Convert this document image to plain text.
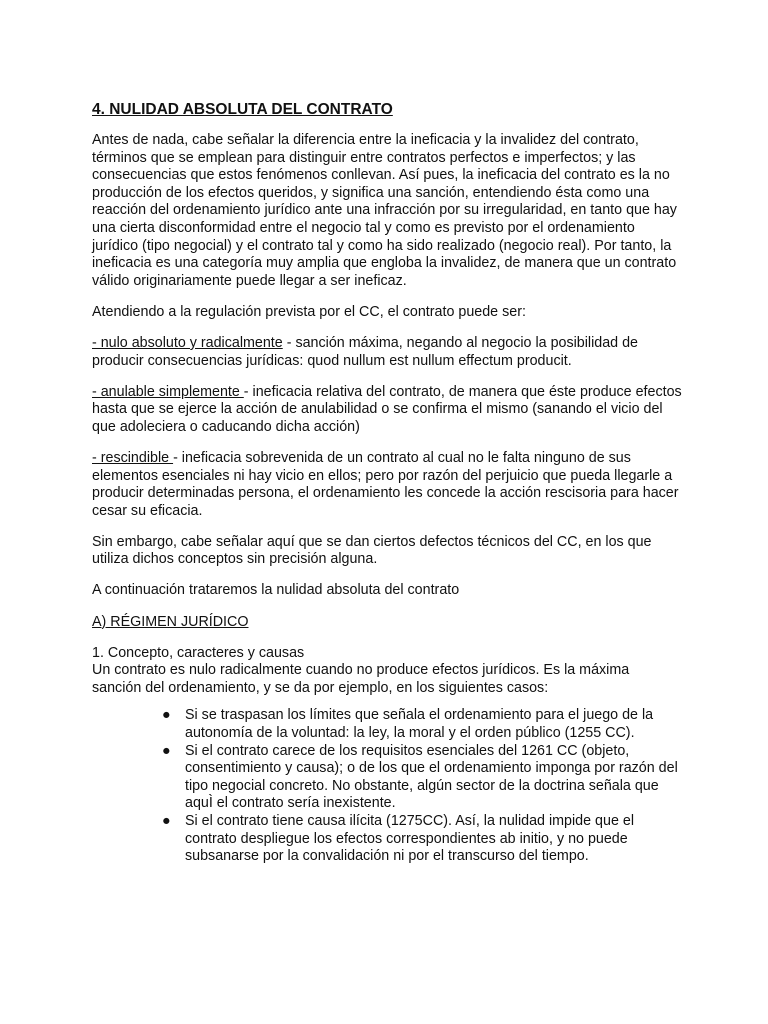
4. NULIDAD ABSOLUTA DEL CONTRATO

Antes de nada, cabe señalar la diferencia entre la ineficacia y la invalidez del contrato, términos que se emplean para distinguir entre contratos perfectos e imperfectos; y las consecuencias que estos fenómenos conllevan. Así pues, la ineficacia del contrato es la no producción de los efectos queridos, y significa una sanción, entendiendo ésta como una reacción del ordenamiento jurídico ante una infracción por su irregularidad, en tanto que hay una cierta disconformidad entre el negocio tal y como es previsto por el ordenamiento jurídico (tipo negocial) y el contrato tal y como ha sido realizado (negocio real). Por tanto, la ineficacia es una categoría muy amplia que engloba la invalidez, de manera que un contrato válido originariamente puede llegar a ser ineficaz.

Atendiendo a la regulación prevista por el CC, el contrato puede ser:

- nulo absoluto y radicalmente - sanción máxima, negando al negocio la posibilidad de producir consecuencias jurídicas: quod nullum est nullum effectum producit.

- anulable simplemente - ineficacia relativa del contrato, de manera que éste produce efectos hasta que se ejerce la acción de anulabilidad o se confirma el mismo (sanando el vicio del que adoleciera o caducando dicha acción)

- rescindible - ineficacia sobrevenida de un contrato al cual no le falta ninguno de sus elementos esenciales ni hay vicio en ellos; pero por razón del perjuicio que pueda llegarle a producir determinadas persona, el ordenamiento les concede la acción rescisoria para hacer cesar su eficacia.

Sin embargo, cabe señalar aquí que se dan ciertos defectos técnicos del CC, en los que utiliza dichos conceptos sin precisión alguna.

A continuación trataremos la nulidad absoluta del contrato

A) RÉGIMEN JURÍDICO
1. Concepto, caracteres y causas
Un contrato es nulo radicalmente cuando no produce efectos jurídicos. Es la máxima sanción del ordenamiento, y se da por ejemplo, en los siguientes casos:
● Si se traspasan los límites que señala el ordenamiento para el juego de la autonomía de la voluntad: la ley, la moral y el orden público (1255 CC).
● Si el contrato carece de los requisitos esenciales del 1261 CC (objeto, consentimiento y causa); o de los que el ordenamiento imponga por razón del tipo negocial concreto. No obstante, algún sector de la doctrina señala que aquÌ el contrato sería inexistente.
● Si el contrato tiene causa ilícita (1275CC). Así, la nulidad impide que el contrato despliegue los efectos correspondientes ab initio, y no puede subsanarse por la convalidación ni por el transcurso del tiempo.
